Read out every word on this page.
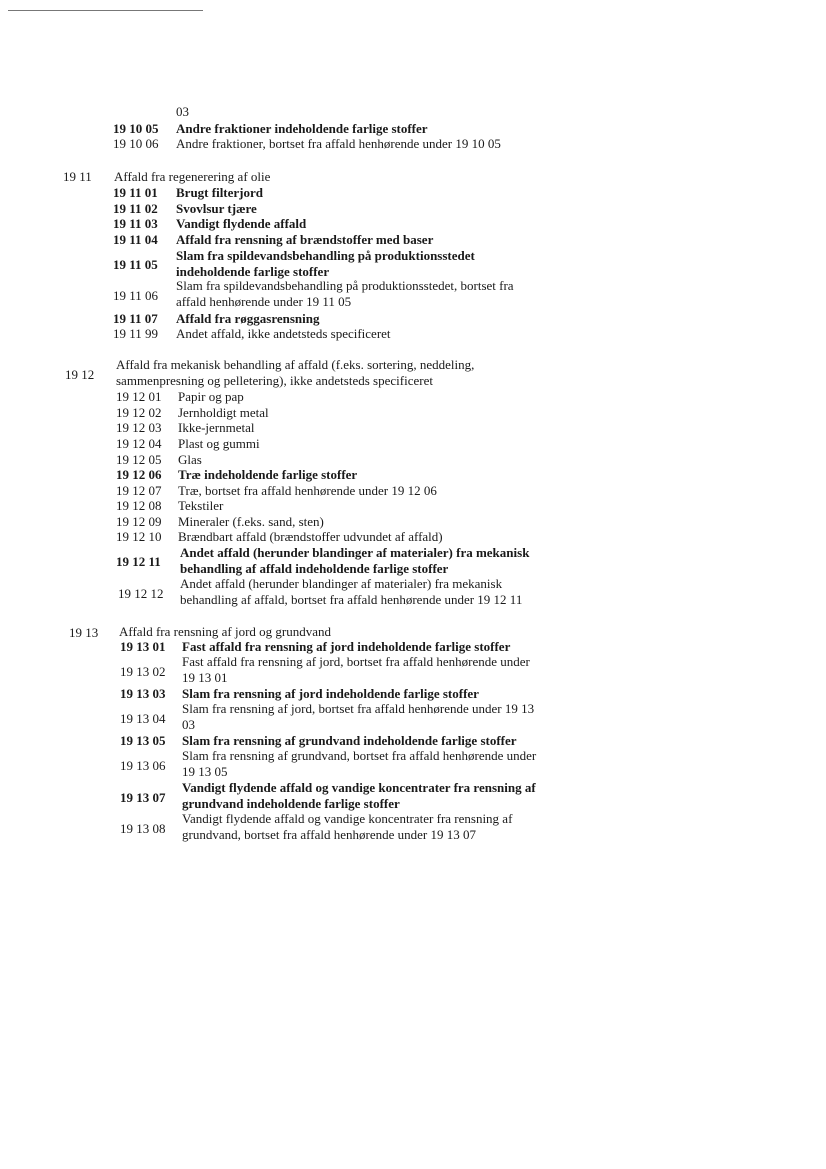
03
19 10 05 Andre fraktioner indeholdende farlige stoffer
19 10 06 Andre fraktioner, bortset fra affald henhørende under 19 10 05
19 11 Affald fra regenerering af olie
19 11 01 Brugt filterjord
19 11 02 Svovlsur tjære
19 11 03 Vandigt flydende affald
19 11 04 Affald fra rensning af brændstoffer med baser
19 11 05
Slam fra spildevandsbehandling på produktionsstedet
indeholdende farlige stoffer
19 11 06
Slam fra spildevandsbehandling på produktionsstedet, bortset fra
affald henhørende under 19 11 05
19 11 07 Affald fra røggasrensning
19 11 99 Andet affald, ikke andetsteds specificeret
19 12
Affald fra mekanisk behandling af affald (f.eks. sortering, neddeling,
sammenpresning og pelletering), ikke andetsteds specificeret
19 12 01 Papir og pap
19 12 02 Jernholdigt metal
19 12 03 Ikke-jernmetal
19 12 04 Plast og gummi
19 12 05 Glas
19 12 06 Træ indeholdende farlige stoffer
19 12 07 Træ, bortset fra affald henhørende under 19 12 06
19 12 08 Tekstiler
19 12 09 Mineraler (f.eks. sand, sten)
19 12 10 Brændbart affald (brændstoffer udvundet af affald)
19 12 11
Andet affald (herunder blandinger af materialer) fra mekanisk
behandling af affald indeholdende farlige stoffer
19 12 12
Andet affald (herunder blandinger af materialer) fra mekanisk
behandling af affald, bortset fra affald henhørende under 19 12 11
19 13 Affald fra rensning af jord og grundvand
19 13 01 Fast affald fra rensning af jord indeholdende farlige stoffer
19 13 02
Fast affald fra rensning af jord, bortset fra affald henhørende under
19 13 01
19 13 03 Slam fra rensning af jord indeholdende farlige stoffer
19 13 04
Slam fra rensning af jord, bortset fra affald henhørende under 19 13
03
19 13 05 Slam fra rensning af grundvand indeholdende farlige stoffer
19 13 06
Slam fra rensning af grundvand, bortset fra affald henhørende under
19 13 05
19 13 07
Vandigt flydende affald og vandige koncentrater fra rensning af
grundvand indeholdende farlige stoffer
19 13 08
Vandigt flydende affald og vandige koncentrater fra rensning af
grundvand, bortset fra affald henhørende under 19 13 07
